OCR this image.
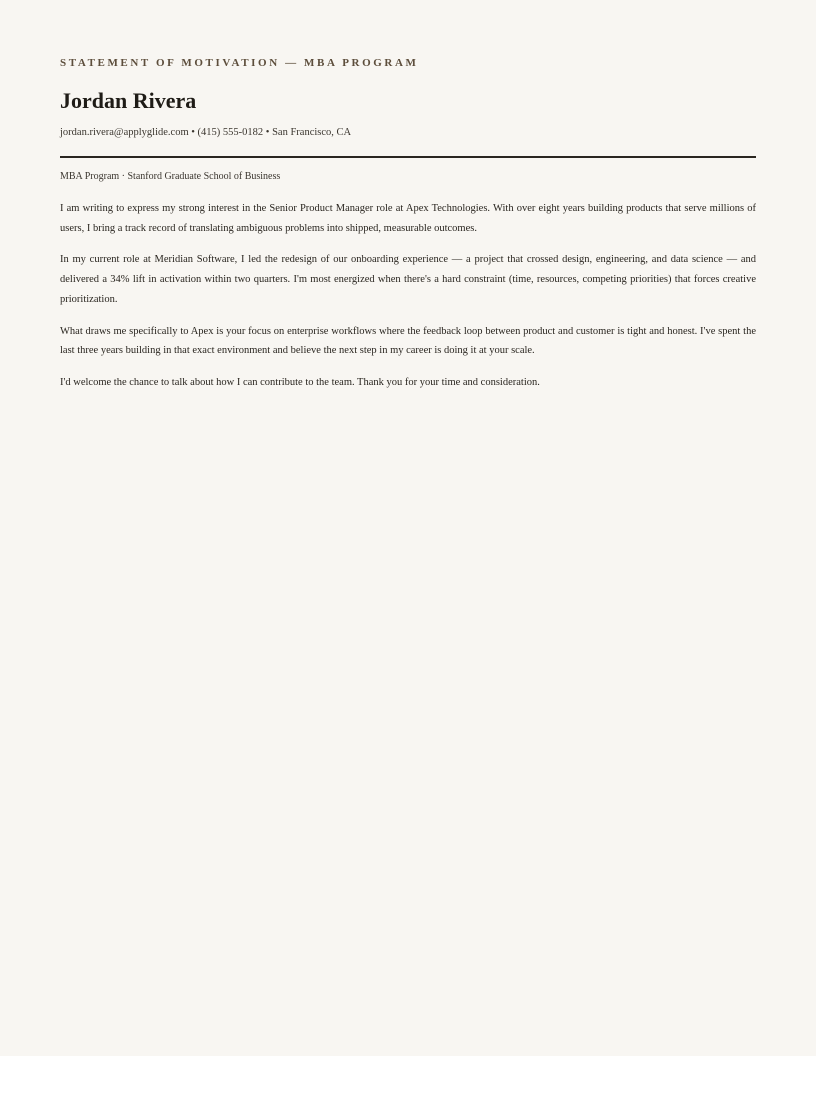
STATEMENT OF MOTIVATION — MBA PROGRAM

Jordan Rivera

jordan.rivera@applyglide.com • (415) 555-0182 • San Francisco, CA

MBA Program · Stanford Graduate School of Business

I am writing to express my strong interest in the Senior Product Manager role at Apex Technologies. With over eight years building products that serve millions of users, I bring a track record of translating ambiguous problems into shipped, measurable outcomes.

In my current role at Meridian Software, I led the redesign of our onboarding experience — a project that crossed design, engineering, and data science — and delivered a 34% lift in activation within two quarters. I'm most energized when there's a hard constraint (time, resources, competing priorities) that forces creative prioritization.

What draws me specifically to Apex is your focus on enterprise workflows where the feedback loop between product and customer is tight and honest. I've spent the last three years building in that exact environment and believe the next step in my career is doing it at your scale.

I'd welcome the chance to talk about how I can contribute to the team. Thank you for your time and consideration.
